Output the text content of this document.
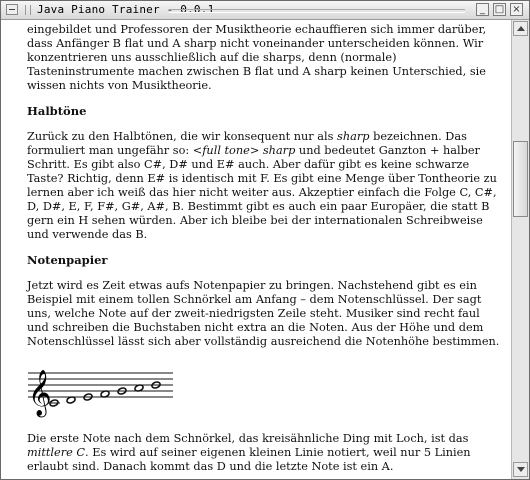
Java Piano Trainer - 0.0.1	_ □ ×

eingebildet und Professoren der Musiktheorie echauffieren sich immer darüber, dass Anfänger B flat und A sharp nicht voneinander unterscheiden können. Wir konzentrieren uns ausschließlich auf die sharps, denn (normale) Tasteninstrumente machen zwischen B flat und A sharp keinen Unterschied, sie wissen nichts von Musiktheorie.

Halbtöne

Zurück zu den Halbtönen, die wir konsequent nur als sharp bezeichnen. Das formuliert man ungefähr so: <full tone> sharp und bedeutet Ganzton + halber Schritt. Es gibt also C#, D# und E# auch. Aber dafür gibt es keine schwarze Taste? Richtig, denn E# is identisch mit F. Es gibt eine Menge über Tontheorie zu lernen aber ich weiß das hier nicht weiter aus. Akzeptier einfach die Folge C, C#, D, D#, E, F, F#, G#, A#, B. Bestimmt gibt es auch ein paar Europäer, die statt B gern ein H sehen würden. Aber ich bleibe bei der internationalen Schreibweise und verwende das B.

Notenpapier

Jetzt wird es Zeit etwas aufs Notenpapier zu bringen. Nachstehend gibt es ein Beispiel mit einem tollen Schnörkel am Anfang – dem Notenschlüssel. Der sagt uns, welche Note auf der zweit-niedrigsten Zeile steht. Musiker sind recht faul und schreiben die Buchstaben nicht extra an die Noten. Aus der Höhe und dem Notenschlüssel lässt sich aber vollständig ausreichend die Notenhöhe bestimmen.

𝄞

Die erste Note nach dem Schnörkel, das kreisähnliche Ding mit Loch, ist das mittlere C. Es wird auf seiner eigenen kleinen Linie notiert, weil nur 5 Linien erlaubt sind. Danach kommt das D und die letzte Note ist ein A.
